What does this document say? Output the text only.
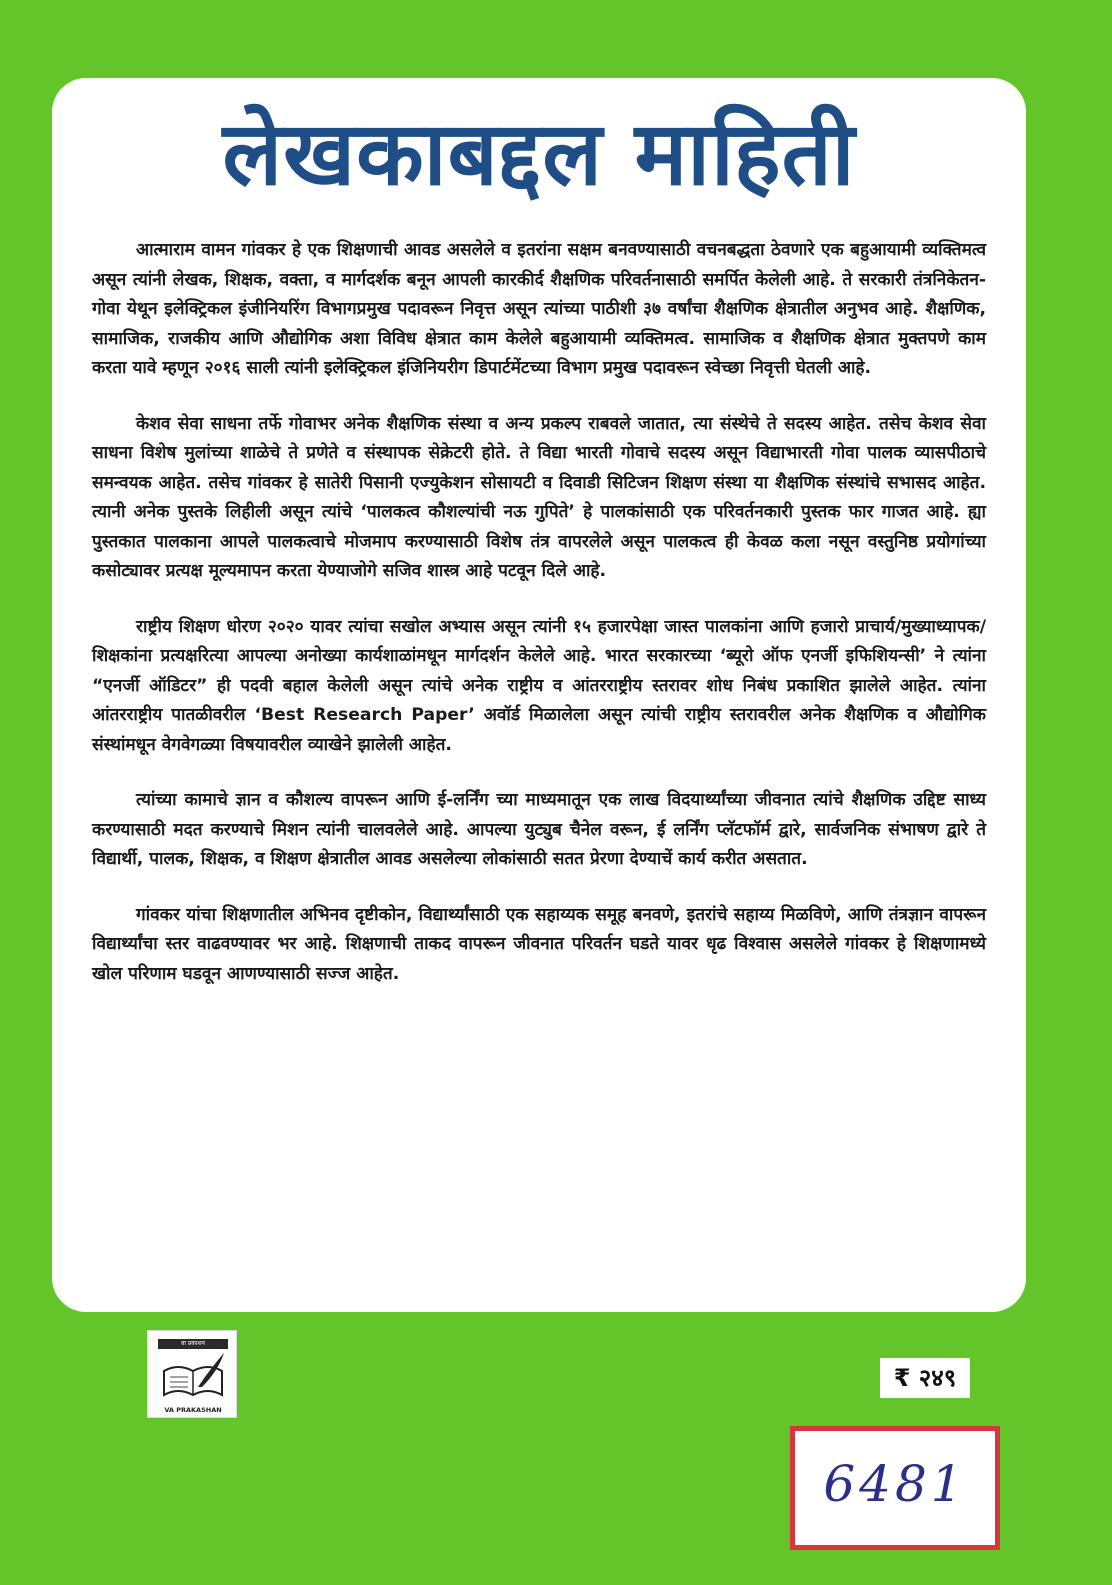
लेखकाबद्दल माहिती

आत्माराम वामन गांवकर हे एक शिक्षणाची आवड असलेले व इतरांना सक्षम बनवण्यासाठी वचनबद्धता ठेवणारे एक बहुआयामी व्यक्तिमत्व असून त्यांनी लेखक, शिक्षक, वक्ता, व मार्गदर्शक बनून आपली कारकीर्द शैक्षणिक परिवर्तनासाठी समर्पित केलेली आहे. ते सरकारी तंत्रनिकेतन-गोवा येथून इलेक्ट्रिकल इंजीनियरिंग विभागप्रमुख पदावरून निवृत्त असून त्यांच्या पाठीशी ३७ वर्षांचा शैक्षणिक क्षेत्रातील अनुभव आहे. शैक्षणिक, सामाजिक, राजकीय आणि औद्योगिक अशा विविध क्षेत्रात काम केलेले बहुआयामी व्यक्तिमत्व. सामाजिक व शैक्षणिक क्षेत्रात मुक्तपणे काम करता यावे म्हणून २०१६ साली त्यांनी इलेक्ट्रिकल इंजिनियरीग डिपार्टमेंटच्या विभाग प्रमुख पदावरून स्वेच्छा निवृत्ती घेतली आहे.

केशव सेवा साधना तर्फे गोवाभर अनेक शैक्षणिक संस्था व अन्य प्रकल्प राबवले जातात, त्या संस्थेचे ते सदस्य आहेत. तसेच केशव सेवा साधना विशेष मुलांच्या शाळेचे ते प्रणेते व संस्थापक सेक्रेटरी होते. ते विद्या भारती गोवाचे सदस्य असून विद्याभारती गोवा पालक व्यासपीठाचे समन्वयक आहेत. तसेच गांवकर हे सातेरी पिसानी एज्युकेशन सोसायटी व दिवाडी सिटिजन शिक्षण संस्था या शैक्षणिक संस्थांचे सभासद आहेत. त्यानी अनेक पुस्तके लिहीली असून त्यांचे ‘पालकत्व कौशल्यांची नऊ गुपिते’ हे पालकांसाठी एक परिवर्तनकारी पुस्तक फार गाजत आहे. ह्या पुस्तकात पालकाना आपले पालकत्वाचे मोजमाप करण्यासाठी विशेष तंत्र वापरलेले असून पालकत्व ही केवळ कला नसून वस्तुनिष्ठ प्रयोगांच्या कसोट्यावर प्रत्यक्ष मूल्यमापन करता येण्याजोगे सजिव शास्त्र आहे पटवून दिले आहे.

राष्ट्रीय शिक्षण धोरण २०२० यावर त्यांचा सखोल अभ्यास असून त्यांनी १५ हजारपेक्षा जास्त पालकांना आणि हजारो प्राचार्य/मुख्याध्यापक/शिक्षकांना प्रत्यक्षरित्या आपल्या अनोख्या कार्यशाळांमधून मार्गदर्शन केलेले आहे. भारत सरकारच्या ‘ब्यूरो ऑफ एनर्जी इफिशियन्सी’ ने त्यांना “एनर्जी ऑडिटर” ही पदवी बहाल केलेली असून त्यांचे अनेक राष्ट्रीय व आंतरराष्ट्रीय स्तरावर शोध निबंध प्रकाशित झालेले आहेत. त्यांना आंतरराष्ट्रीय पातळीवरील ‘Best Research Paper’ अवॉर्ड मिळालेला असून त्यांची राष्ट्रीय स्तरावरील अनेक शैक्षणिक व औद्योगिक संस्थांमधून वेगवेगळ्या विषयावरील व्याखेने झालेली आहेत.

त्यांच्या कामाचे ज्ञान व कौशल्य वापरून आणि ई-लर्निंग च्या माध्यमातून एक लाख विदयार्थ्यांच्या जीवनात त्यांचे शैक्षणिक उद्दिष्ट साध्य करण्यासाठी मदत करण्याचे मिशन त्यांनी चालवलेले आहे. आपल्या युट्युब चैनेल वरून, ई लर्निंग प्लॅटफॉर्म द्वारे, सार्वजनिक संभाषण द्वारे ते विद्यार्थी, पालक, शिक्षक, व शिक्षण क्षेत्रातील आवड असलेल्या लोकांसाठी सतत प्रेरणा देण्याचें कार्य करीत असतात.

गांवकर यांचा शिक्षणातील अभिनव दृष्टीकोन, विद्यार्थ्यांसाठी एक सहाय्यक समूह बनवणे, इतरांचे सहाय्य मिळविणे, आणि तंत्रज्ञान वापरून विद्यार्थ्यांचा स्तर वाढवण्यावर भर आहे. शिक्षणाची ताकद वापरून जीवनात परिवर्तन घडते यावर धृढ विश्वास असलेले गांवकर हे शिक्षणामध्ये खोल परिणाम घडवून आणण्यासाठी सज्ज आहेत.

वा प्रकाशन
VA PRAKASHAN
₹ २४९
6481
